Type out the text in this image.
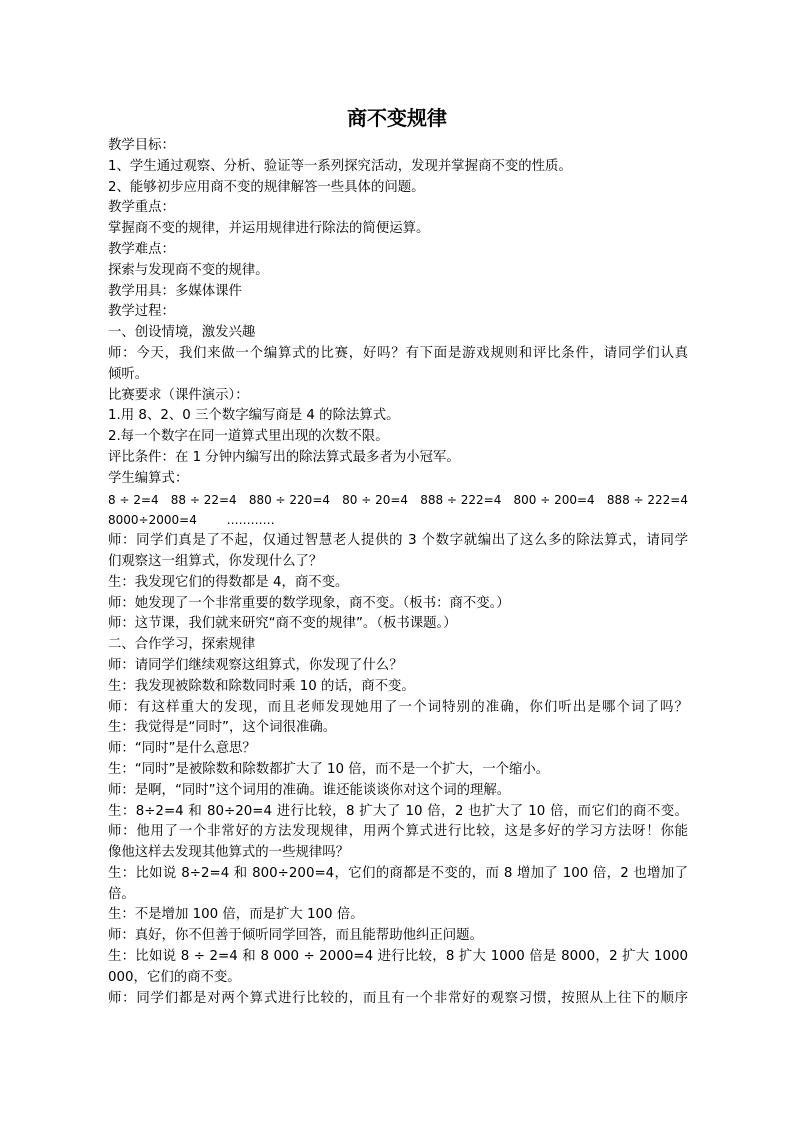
商不变规律
教学目标：
1、学生通过观察、分析、验证等一系列探究活动，发现并掌握商不变的性质。
2、能够初步应用商不变的规律解答一些具体的问题。
教学重点：
掌握商不变的规律，并运用规律进行除法的简便运算。
教学难点：
探索与发现商不变的规律。
教学用具：多媒体课件
教学过程：
一、创设情境，激发兴趣
师：今天，我们来做一个编算式的比赛，好吗？有下面是游戏规则和评比条件，请同学们认真
倾听。
比赛要求（课件演示）：
1.用 8、2、0 三个数字编写商是 4 的除法算式。
2.每一个数字在同一道算式里出现的次数不限。
评比条件：在 1 分钟内编写出的除法算式最多者为小冠军。
学生编算式：
8 ÷ 2=4 88 ÷ 22=4 880 ÷ 220=4 80 ÷ 20=4 888 ÷ 222=4 800 ÷ 200=4 888 ÷ 222=4
8000÷2000=4 …………
师：同学们真是了不起，仅通过智慧老人提供的 3 个数字就编出了这么多的除法算式，请同学
们观察这一组算式，你发现什么了？
生：我发现它们的得数都是 4，商不变。
师：她发现了一个非常重要的数学现象，商不变。（板书：商不变。）
师：这节课，我们就来研究“商不变的规律”。（板书课题。）
二、合作学习，探索规律
师：请同学们继续观察这组算式，你发现了什么？
生：我发现被除数和除数同时乘 10 的话，商不变。
师：有这样重大的发现，而且老师发现她用了一个词特别的准确，你们听出是哪个词了吗？
生：我觉得是“同时”，这个词很准确。
师：“同时”是什么意思？
生：“同时”是被除数和除数都扩大了 10 倍，而不是一个扩大，一个缩小。
师：是啊，“同时”这个词用的准确。谁还能谈谈你对这个词的理解。
生：8÷2=4 和 80÷20=4 进行比较，8 扩大了 10 倍，2 也扩大了 10 倍，而它们的商不变。
师：他用了一个非常好的方法发现规律，用两个算式进行比较，这是多好的学习方法呀！你能
像他这样去发现其他算式的一些规律吗？
生：比如说 8÷2=4 和 800÷200=4，它们的商都是不变的，而 8 增加了 100 倍，2 也增加了
倍。
生：不是增加 100 倍，而是扩大 100 倍。
师：真好，你不但善于倾听同学回答，而且能帮助他纠正问题。
生：比如说 8 ÷ 2=4 和 8 000 ÷ 2000=4 进行比较，8 扩大 1000 倍是 8000，2 扩大 1000
000，它们的商不变。
师：同学们都是对两个算式进行比较的，而且有一个非常好的观察习惯，按照从上往下的顺序
